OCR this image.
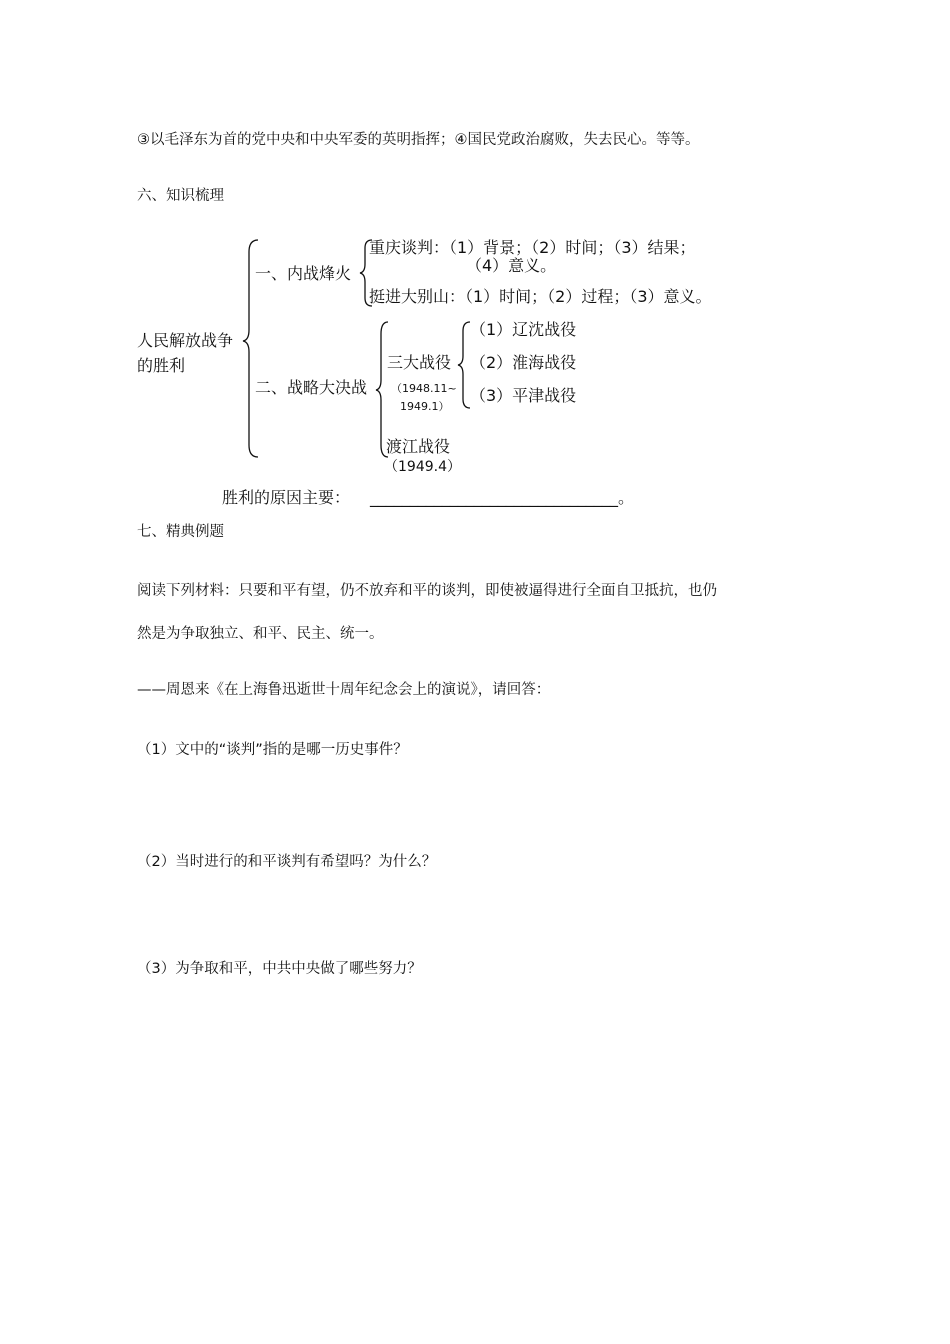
③以毛泽东为首的党中央和中央军委的英明指挥；④国民党政治腐败，失去民心。等等。
六、知识梳理
人民解放战争
的胜利
一、内战烽火
重庆谈判：（1）背景；（2）时间；（3）结果；
（4）意义。
挺进大别山：（1）时间；（2）过程；（3）意义。
二、战略大决战
三大战役
（1948.11~
1949.1）
（1）辽沈战役
（2）淮海战役
（3）平津战役
渡江战役
（1949.4）
胜利的原因主要： _______________________________。
七、精典例题
阅读下列材料：只要和平有望，仍不放弃和平的谈判，即使被逼得进行全面自卫抵抗，也仍
然是为争取独立、和平、民主、统一。
——周恩来《在上海鲁迅逝世十周年纪念会上的演说》，请回答：
（1）文中的“谈判”指的是哪一历史事件？
（2）当时进行的和平谈判有希望吗？为什么？
（3）为争取和平，中共中央做了哪些努力？
